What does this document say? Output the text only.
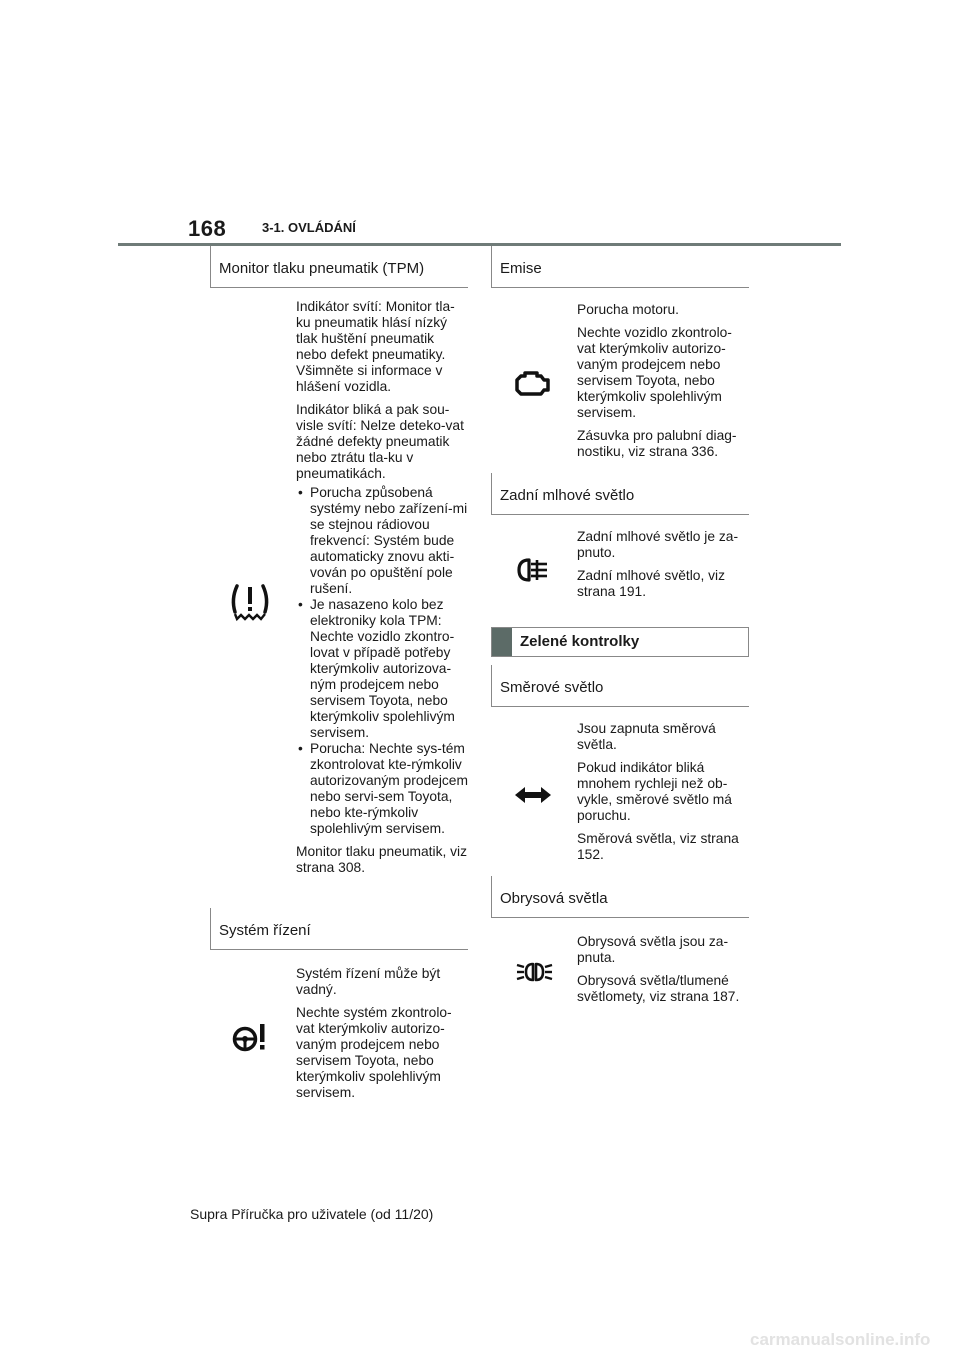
168	3-1. OVLÁDÁNÍ
Monitor tlaku pneumatik (TPM)

Indikátor svítí: Monitor tla-ku pneumatik hlásí nízký tlak huštění pneumatik nebo defekt pneumatiky. Všimněte si informace v hlášení vozidla.

Indikátor bliká a pak sou-visle svítí: Nelze deteko-vat žádné defekty pneumatik nebo ztrátu tla-ku v pneumatikách.

• Porucha způsobená systémy nebo zařízení-mi se stejnou rádiovou frekvencí: Systém bude automaticky znovu akti-vován po opuštění pole rušení.
• Je nasazeno kolo bez elektroniky kola TPM: Nechte vozidlo zkontro-lovat v případě potřeby kterýmkoliv autorizova-ným prodejcem nebo servisem Toyota, nebo kterýmkoliv spolehlivým servisem.
• Porucha: Nechte sys-tém zkontrolovat kte-rýmkoliv autorizovaným prodejcem nebo servi-sem Toyota, nebo kte-rýmkoliv spolehlivým servisem.

Monitor tlaku pneumatik, viz strana 308.

Systém řízení

Systém řízení může být vadný.

Nechte systém zkontrolo-vat kterýmkoliv autorizo-vaným prodejcem nebo servisem Toyota, nebo kterýmkoliv spolehlivým servisem.

Emise

Porucha motoru.

Nechte vozidlo zkontrolo-vat kterýmkoliv autorizo-vaným prodejcem nebo servisem Toyota, nebo kterýmkoliv spolehlivým servisem.

Zásuvka pro palubní diag-nostiku, viz strana 336.

Zadní mlhové světlo

Zadní mlhové světlo je za-pnuto.

Zadní mlhové světlo, viz strana 191.

Zelené kontrolky
Směrové světlo

Jsou zapnuta směrová světla.

Pokud indikátor bliká mnohem rychleji než ob-vykle, směrové světlo má poruchu.

Směrová světla, viz strana 152.

Obrysová světla

Obrysová světla jsou za-pnuta.

Obrysová světla/tlumené světlomety, viz strana 187.

Supra Příručka pro uživatele (od 11/20)
carmanualsonline.info
